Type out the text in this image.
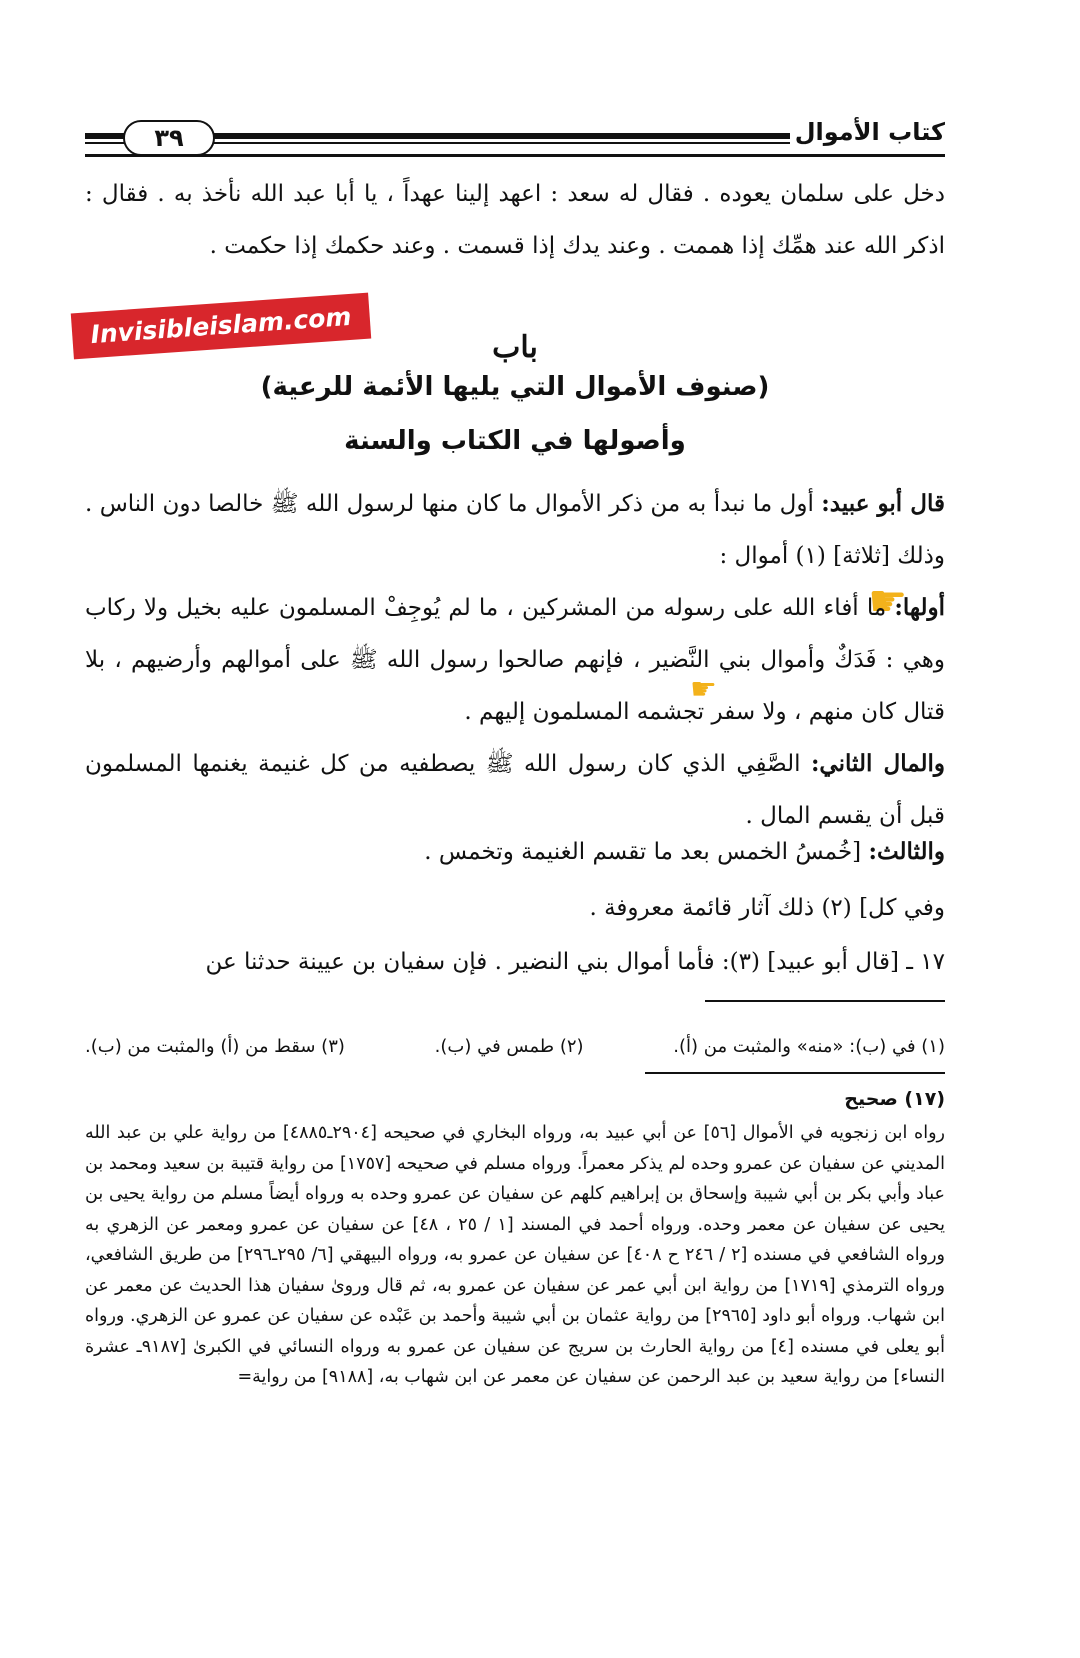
٣٩	كتاب الأموال
دخل على سلمان يعوده . فقال له سعد : اعهد إلينا عهداً ، يا أبا عبد الله نأخذ به . فقال : اذكر الله عند همِّك إذا هممت . وعند يدك إذا قسمت . وعند حكمك إذا حكمت .
Invisibleislam.com	باب
(صنوف الأموال التي يليها الأئمة للرعية)
وأصولها في الكتاب والسنة
قال أبو عبيد: أول ما نبدأ به من ذكر الأموال ما كان منها لرسول الله ﷺ خالصا دون الناس . وذلك [ثلاثة] (١) أموال :
☛
أولها: ما أفاء الله على رسوله من المشركين ، ما لم يُوجِفْ المسلمون عليه بخيل ولا ركاب وهي : فَدَكٌ وأموال بني النَّضير ، فإنهم صالحوا رسول الله ﷺ على أموالهم وأرضيهم ، بلا قتال كان منهم ، ولا سفر تجشمه المسلمون إليهم .
☛
والمال الثاني: الصَّفِي الذي كان رسول الله ﷺ يصطفيه من كل غنيمة يغنمها المسلمون قبل أن يقسم المال .
والثالث: [خُمسُ الخمس بعد ما تقسم الغنيمة وتخمس .
وفي كل] (٢) ذلك آثار قائمة معروفة .
١٧ ـ [قال أبو عبيد] (٣): فأما أموال بني النضير . فإن سفيان بن عيينة حدثنا عن
(١) في (ب): «منه» والمثبت من (أ).
(٢) طمس في (ب).
(٣) سقط من (أ) والمثبت من (ب).
(١٧) صحيح
رواه ابن زنجويه في الأموال [٥٦] عن أبي عبيد به، ورواه البخاري في صحيحه [٢٩٠٤ـ٤٨٨٥] من رواية علي بن عبد الله المديني عن سفيان عن عمرو وحده لم يذكر معمراً. ورواه مسلم في صحيحه [١٧٥٧] من رواية قتيبة بن سعيد ومحمد بن عباد وأبي بكر بن أبي شيبة وإسحاق بن إبراهيم كلهم عن سفيان عن عمرو وحده به ورواه أيضاً مسلم من رواية يحيى بن يحيى عن سفيان عن معمر وحده. ورواه أحمد في المسند [١ / ٢٥ ، ٤٨] عن سفيان عن عمرو ومعمر عن الزهري به ورواه الشافعي في مسنده [٢ / ٢٤٦ ح ٤٠٨] عن سفيان عن عمرو به، ورواه البيهقي [٦/ ٢٩٥ـ٢٩٦] من طريق الشافعي، ورواه الترمذي [١٧١٩] من رواية ابن أبي عمر عن سفيان عن عمرو به، ثم قال وروىٰ سفيان هذا الحديث عن معمر عن ابن شهاب. ورواه أبو داود [٢٩٦٥] من رواية عثمان بن أبي شيبة وأحمد بن عَبْده عن سفيان عن عمرو عن الزهري. ورواه أبو يعلى في مسنده [٤] من رواية الحارث بن سريج عن سفيان عن عمرو به ورواه النسائي في الكبرىٰ [٩١٨٧ـ عشرة النساء] من رواية سعيد بن عبد الرحمن عن سفيان عن معمر عن ابن شهاب به، [٩١٨٨] من رواية=
